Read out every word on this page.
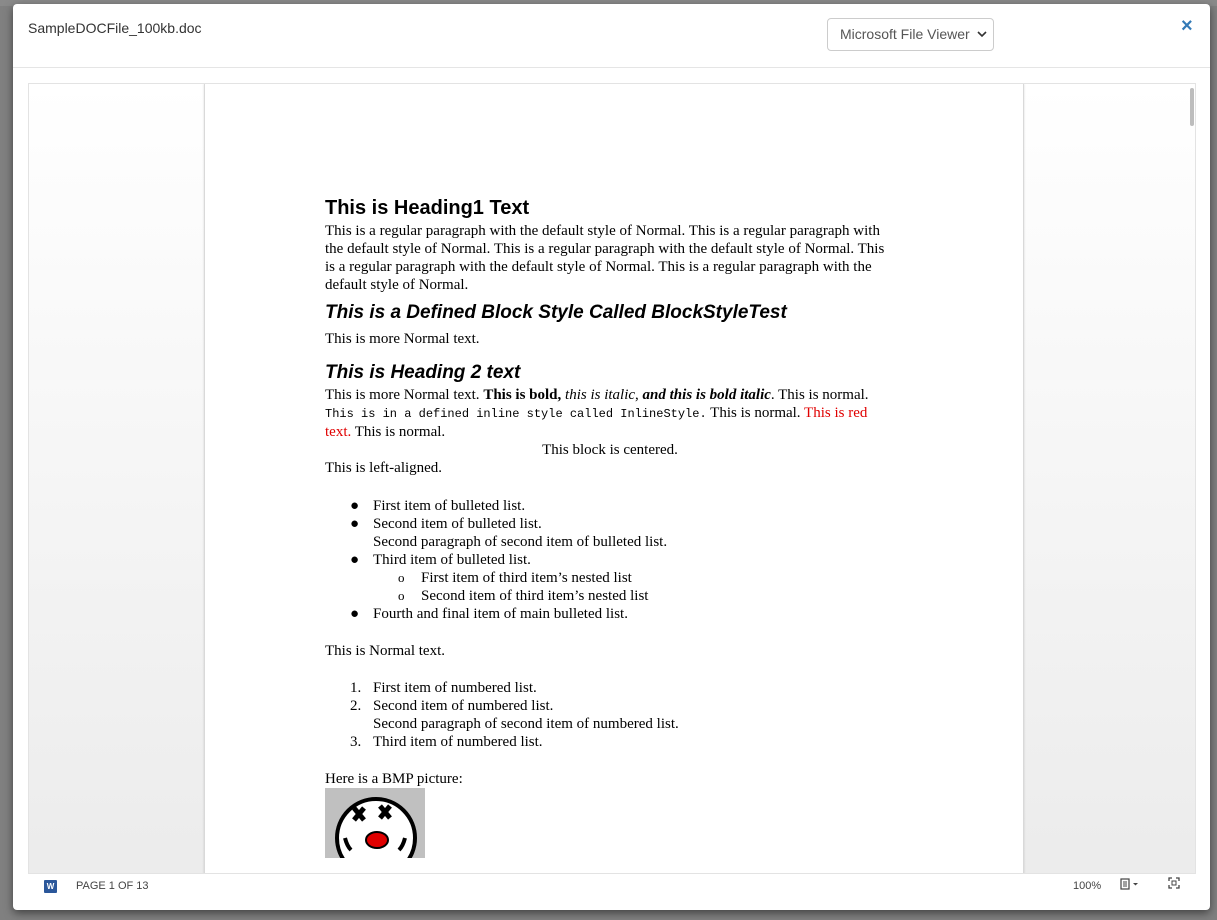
SampleDOCFile_100kb.doc	Microsoft File Viewer	×
This is Heading1 Text

This is a regular paragraph with the default style of Normal. This is a regular paragraph with the default style of Normal. This is a regular paragraph with the default style of Normal. This is a regular paragraph with the default style of Normal. This is a regular paragraph with the default style of Normal.

This is a Defined Block Style Called BlockStyleTest

This is more Normal text.

This is Heading 2 text

This is more Normal text. This is bold, this is italic, and this is bold italic. This is normal. This is in a defined inline style called InlineStyle. This is normal. This is red text. This is normal.

This block is centered.

This is left-aligned.

● First item of bulleted list.
● Second item of bulleted list.
Second paragraph of second item of bulleted list.
● Third item of bulleted list.
o First item of third item’s nested list
o Second item of third item’s nested list
● Fourth and final item of main bulleted list.

This is Normal text.

1. First item of numbered list.
2. Second item of numbered list.
Second paragraph of second item of numbered list.
3. Third item of numbered list.

Here is a BMP picture:

W PAGE 1 OF 13	100%
